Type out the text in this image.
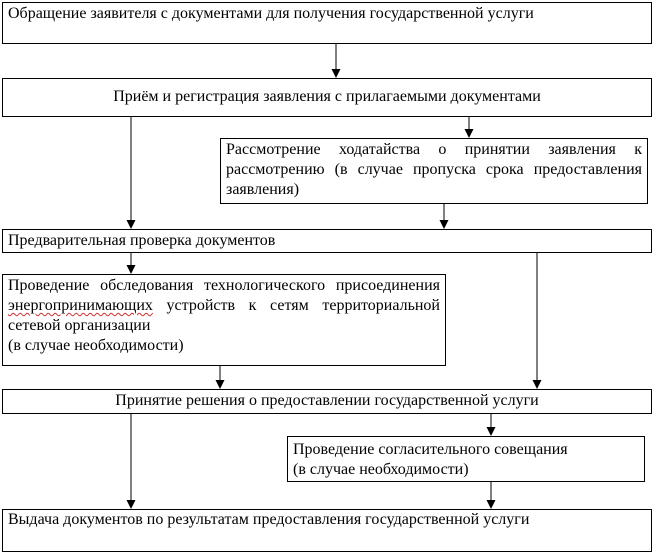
Обращение заявителя с документами для получения государственной услуги
Приём и регистрация заявления с прилагаемыми документами
Рассмотрение ходатайства о принятии заявления к рассмотрению (в случае пропуска срока предоставления заявления)
Предварительная проверка документов
Проведение обследования технологического присоединения энергопринимающих устройств к сетям территориальной сетевой организации
(в случае необходимости)
Принятие решения о предоставлении государственной услуги
Проведение согласительного совещания
(в случае необходимости)
Выдача документов по результатам предоставления государственной услуги
